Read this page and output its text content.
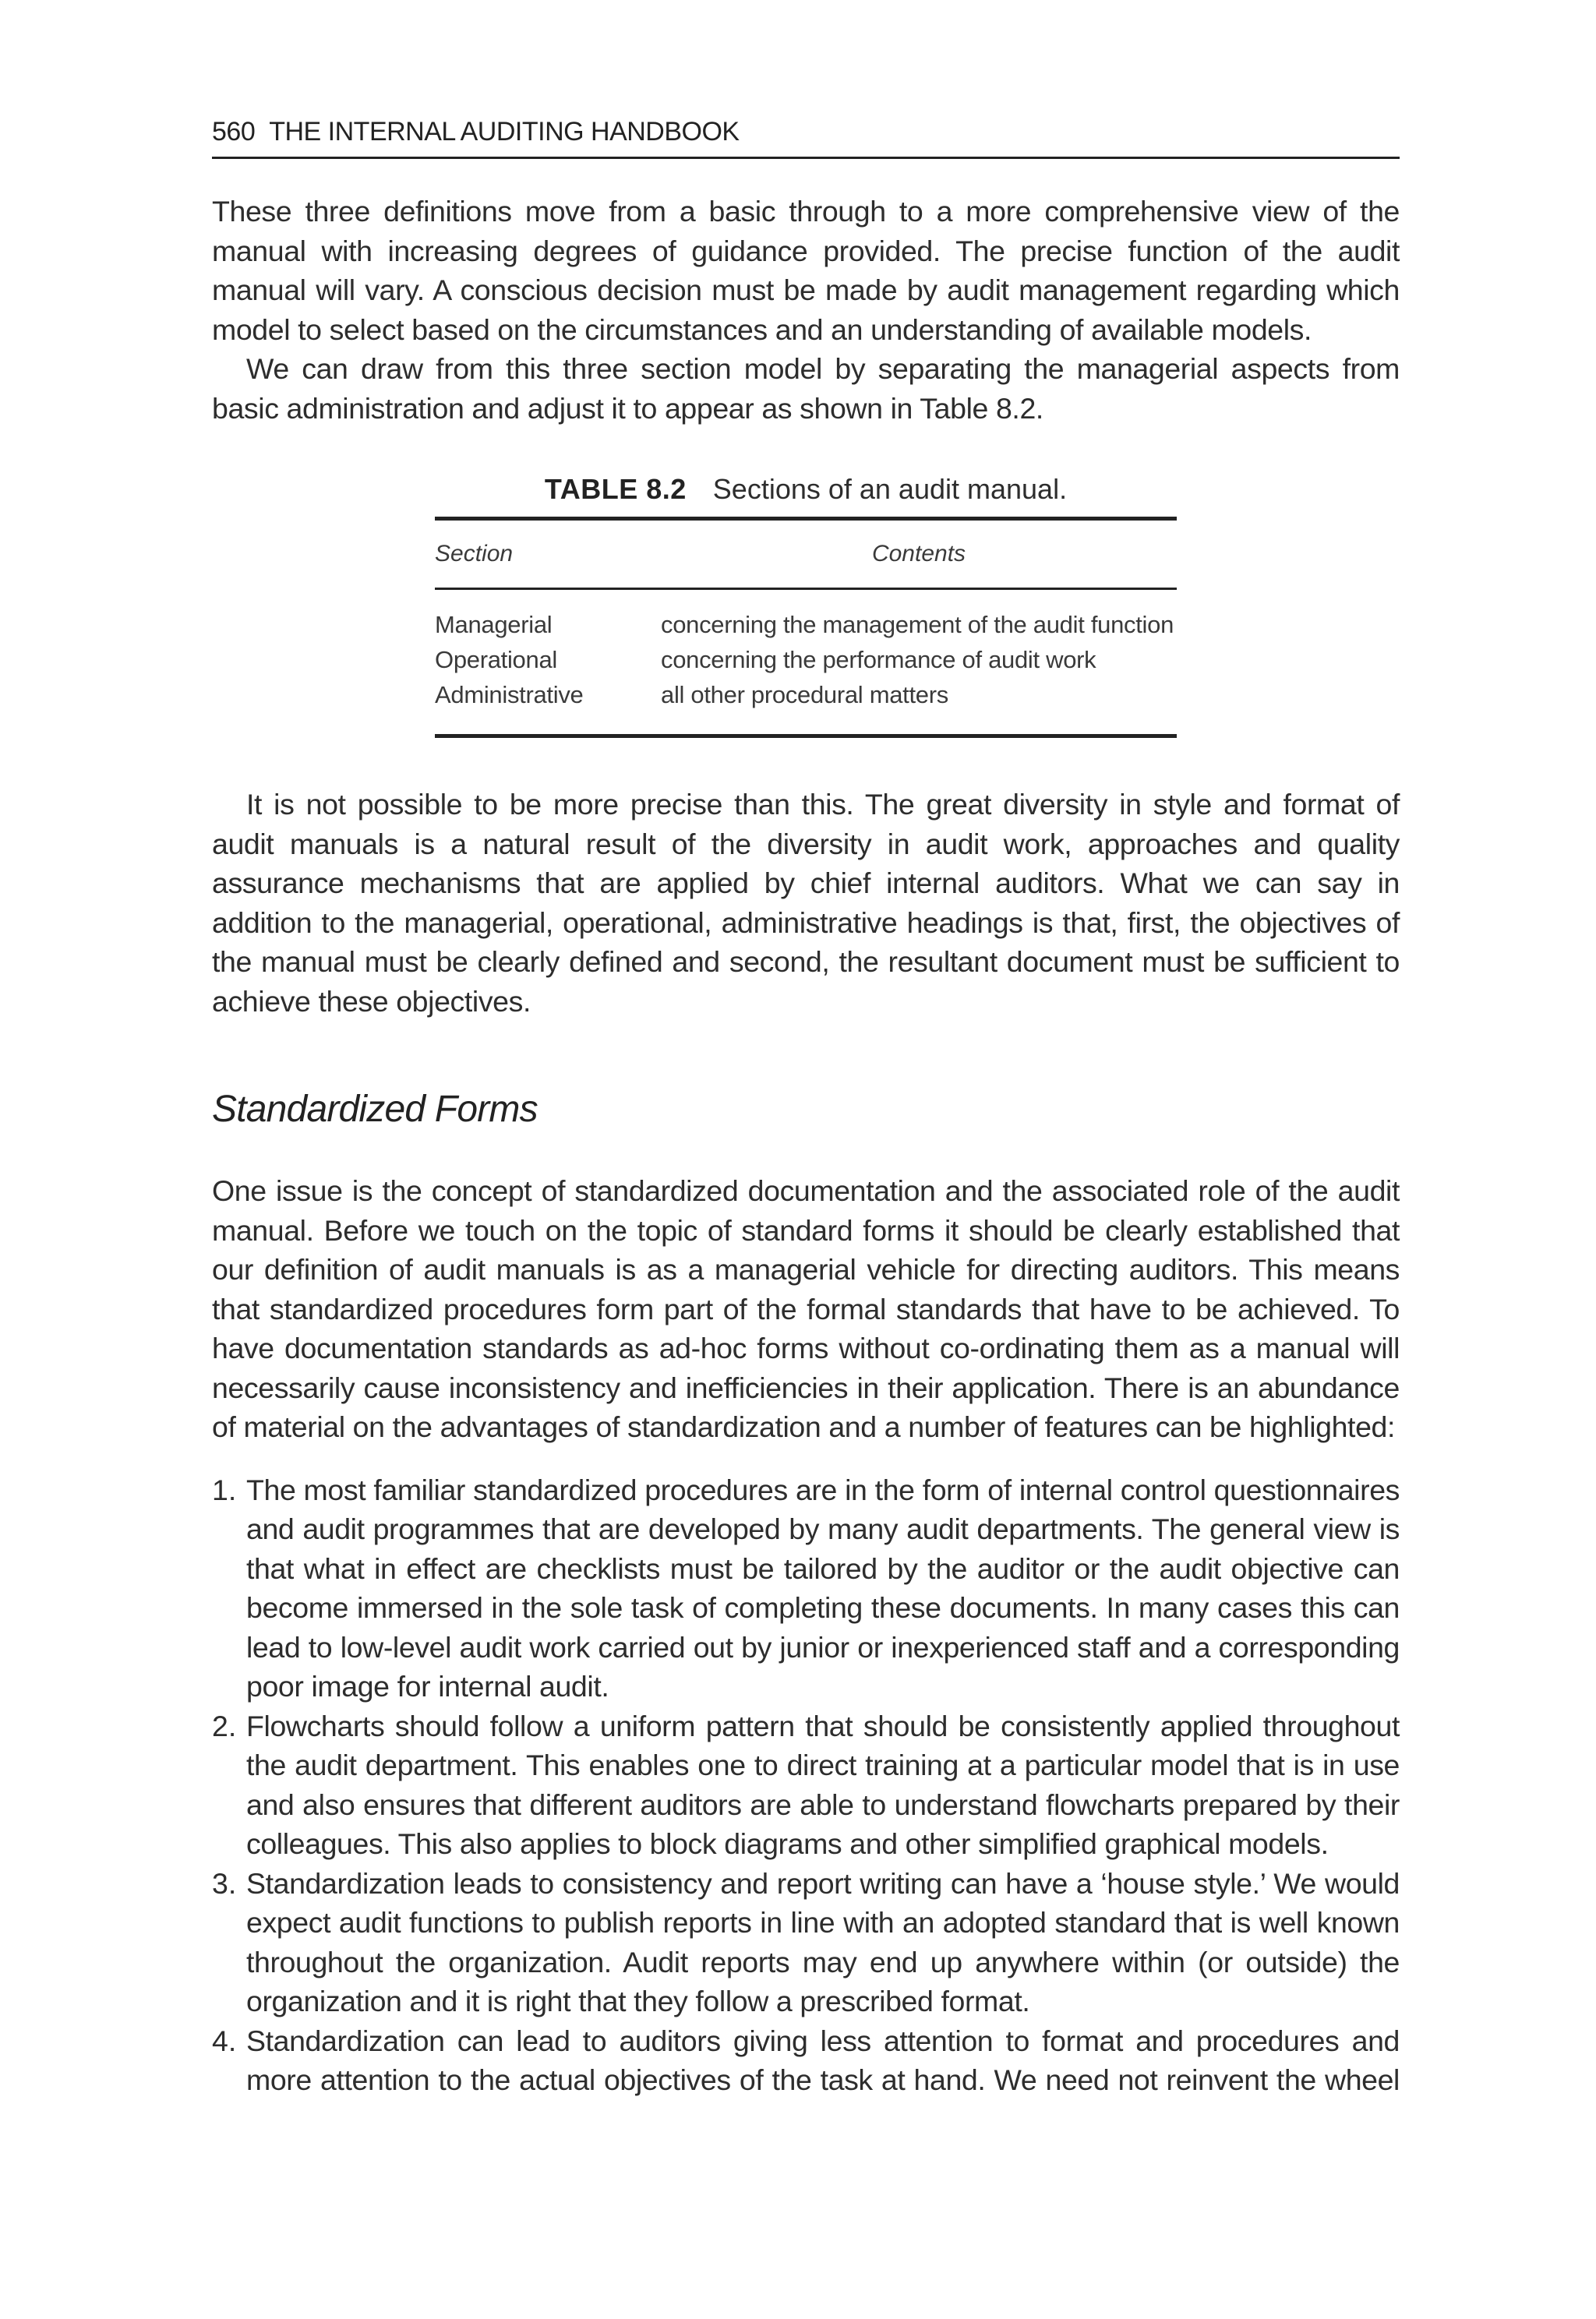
560 THE INTERNAL AUDITING HANDBOOK

These three definitions move from a basic through to a more comprehensive view of the manual with increasing degrees of guidance provided. The precise function of the audit manual will vary. A conscious decision must be made by audit management regarding which model to select based on the circumstances and an understanding of available models.

We can draw from this three section model by separating the managerial aspects from basic administration and adjust it to appear as shown in Table 8.2.

TABLE 8.2 Sections of an audit manual.
Section	Contents
Managerial	concerning the management of the audit function
Operational	concerning the performance of audit work
Administrative	all other procedural matters

It is not possible to be more precise than this. The great diversity in style and format of audit manuals is a natural result of the diversity in audit work, approaches and quality assurance mechanisms that are applied by chief internal auditors. What we can say in addition to the managerial, operational, administrative headings is that, first, the objectives of the manual must be clearly defined and second, the resultant document must be sufficient to achieve these objectives.

Standardized Forms

One issue is the concept of standardized documentation and the associated role of the audit manual. Before we touch on the topic of standard forms it should be clearly established that our definition of audit manuals is as a managerial vehicle for directing auditors. This means that standardized procedures form part of the formal standards that have to be achieved. To have documentation standards as ad-hoc forms without co-ordinating them as a manual will necessarily cause inconsistency and inefficiencies in their application. There is an abundance of material on the advantages of standardization and a number of features can be highlighted:

1. The most familiar standardized procedures are in the form of internal control questionnaires and audit programmes that are developed by many audit departments. The general view is that what in effect are checklists must be tailored by the auditor or the audit objective can become immersed in the sole task of completing these documents. In many cases this can lead to low-level audit work carried out by junior or inexperienced staff and a corresponding poor image for internal audit.

2. Flowcharts should follow a uniform pattern that should be consistently applied throughout the audit department. This enables one to direct training at a particular model that is in use and also ensures that different auditors are able to understand flowcharts prepared by their colleagues. This also applies to block diagrams and other simplified graphical models.

3. Standardization leads to consistency and report writing can have a ‘house style.’ We would expect audit functions to publish reports in line with an adopted standard that is well known throughout the organization. Audit reports may end up anywhere within (or outside) the organization and it is right that they follow a prescribed format.

4. Standardization can lead to auditors giving less attention to format and procedures and more attention to the actual objectives of the task at hand. We need not reinvent the wheel
